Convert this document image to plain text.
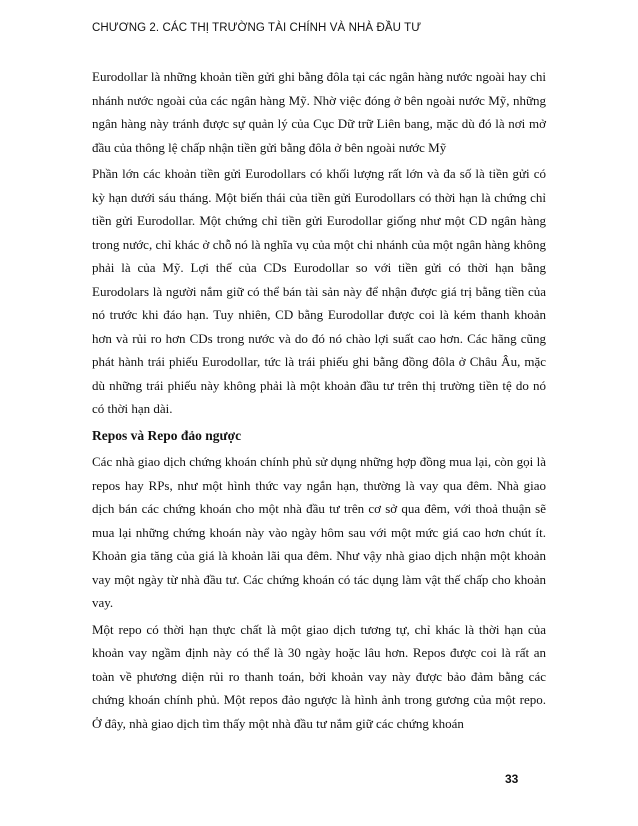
CHƯƠNG 2. CÁC THỊ TRƯỜNG TÀI CHÍNH VÀ NHÀ ĐẦU TƯ

Eurodollar là những khoản tiền gửi ghi bằng đôla tại các ngân hàng nước ngoài hay chi nhánh nước ngoài của các ngân hàng Mỹ. Nhờ việc đóng ở bên ngoài nước Mỹ, những ngân hàng này tránh được sự quản lý của Cục Dữ trữ Liên bang, mặc dù đó là nơi mở đầu của thông lệ chấp nhận tiền gửi bằng đôla ở bên ngoài nước Mỹ

Phần lớn các khoản tiền gửi Eurodollars có khối lượng rất lớn và đa số là tiền gửi có kỳ hạn dưới sáu tháng. Một biến thái của tiền gửi Eurodollars có thời hạn là chứng chỉ tiền gửi Eurodollar. Một chứng chỉ tiền gửi Eurodollar giống như một CD ngân hàng trong nước, chỉ khác ở chỗ nó là nghĩa vụ của một chi nhánh của một ngân hàng không phải là của Mỹ. Lợi thế của CDs Eurodollar so với tiền gửi có thời hạn bằng Eurodolars là người nắm giữ có thể bán tài sản này để nhận được giá trị bằng tiền của nó trước khi đáo hạn. Tuy nhiên, CD bằng Eurodollar được coi là kém thanh khoản hơn và rủi ro hơn CDs trong nước và do đó nó chào lợi suất cao hơn. Các hãng cũng phát hành trái phiếu Eurodollar, tức là trái phiếu ghi bằng đồng đôla ở Châu Âu, mặc dù những trái phiếu này không phải là một khoản đầu tư trên thị trường tiền tệ do nó có thời hạn dài.

Repos và Repo đảo ngược

Các nhà giao dịch chứng khoán chính phủ sử dụng những hợp đồng mua lại, còn gọi là repos hay RPs, như một hình thức vay ngắn hạn, thường là vay qua đêm. Nhà giao dịch bán các chứng khoán cho một nhà đầu tư trên cơ sở qua đêm, với thoả thuận sẽ mua lại những chứng khoán này vào ngày hôm sau với một mức giá cao hơn chút ít. Khoản gia tăng của giá là khoản lãi qua đêm. Như vậy nhà giao dịch nhận một khoản vay một ngày từ nhà đầu tư. Các chứng khoán có tác dụng làm vật thế chấp cho khoản vay.

Một repo có thời hạn thực chất là một giao dịch tương tự, chỉ khác là thời hạn của khoản vay ngầm định này có thể là 30 ngày hoặc lâu hơn. Repos được coi là rất an toàn về phương diện rủi ro thanh toán, bởi khoản vay này được bảo đảm bằng các chứng khoán chính phủ. Một repos đảo ngược là hình ảnh trong gương của một repo. Ở đây, nhà giao dịch tìm thấy một nhà đầu tư nắm giữ các chứng khoán

33
